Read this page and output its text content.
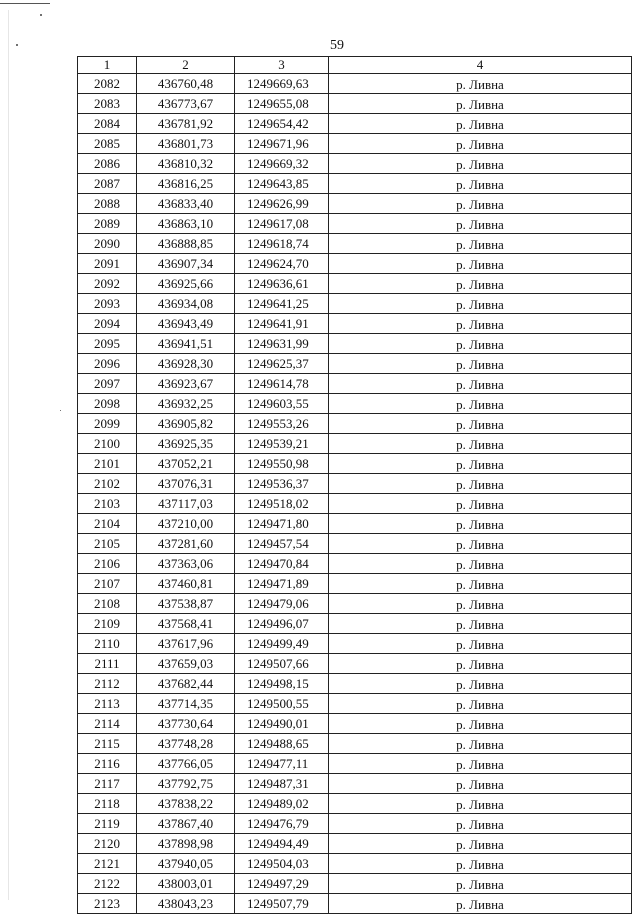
59
1	2	3	4
2082	436760,48	1249669,63	р. Ливна
2083	436773,67	1249655,08	р. Ливна
2084	436781,92	1249654,42	р. Ливна
2085	436801,73	1249671,96	р. Ливна
2086	436810,32	1249669,32	р. Ливна
2087	436816,25	1249643,85	р. Ливна
2088	436833,40	1249626,99	р. Ливна
2089	436863,10	1249617,08	р. Ливна
2090	436888,85	1249618,74	р. Ливна
2091	436907,34	1249624,70	р. Ливна
2092	436925,66	1249636,61	р. Ливна
2093	436934,08	1249641,25	р. Ливна
2094	436943,49	1249641,91	р. Ливна
2095	436941,51	1249631,99	р. Ливна
2096	436928,30	1249625,37	р. Ливна
2097	436923,67	1249614,78	р. Ливна
2098	436932,25	1249603,55	р. Ливна
2099	436905,82	1249553,26	р. Ливна
2100	436925,35	1249539,21	р. Ливна
2101	437052,21	1249550,98	р. Ливна
2102	437076,31	1249536,37	р. Ливна
2103	437117,03	1249518,02	р. Ливна
2104	437210,00	1249471,80	р. Ливна
2105	437281,60	1249457,54	р. Ливна
2106	437363,06	1249470,84	р. Ливна
2107	437460,81	1249471,89	р. Ливна
2108	437538,87	1249479,06	р. Ливна
2109	437568,41	1249496,07	р. Ливна
2110	437617,96	1249499,49	р. Ливна
2111	437659,03	1249507,66	р. Ливна
2112	437682,44	1249498,15	р. Ливна
2113	437714,35	1249500,55	р. Ливна
2114	437730,64	1249490,01	р. Ливна
2115	437748,28	1249488,65	р. Ливна
2116	437766,05	1249477,11	р. Ливна
2117	437792,75	1249487,31	р. Ливна
2118	437838,22	1249489,02	р. Ливна
2119	437867,40	1249476,79	р. Ливна
2120	437898,98	1249494,49	р. Ливна
2121	437940,05	1249504,03	р. Ливна
2122	438003,01	1249497,29	р. Ливна
2123	438043,23	1249507,79	р. Ливна
